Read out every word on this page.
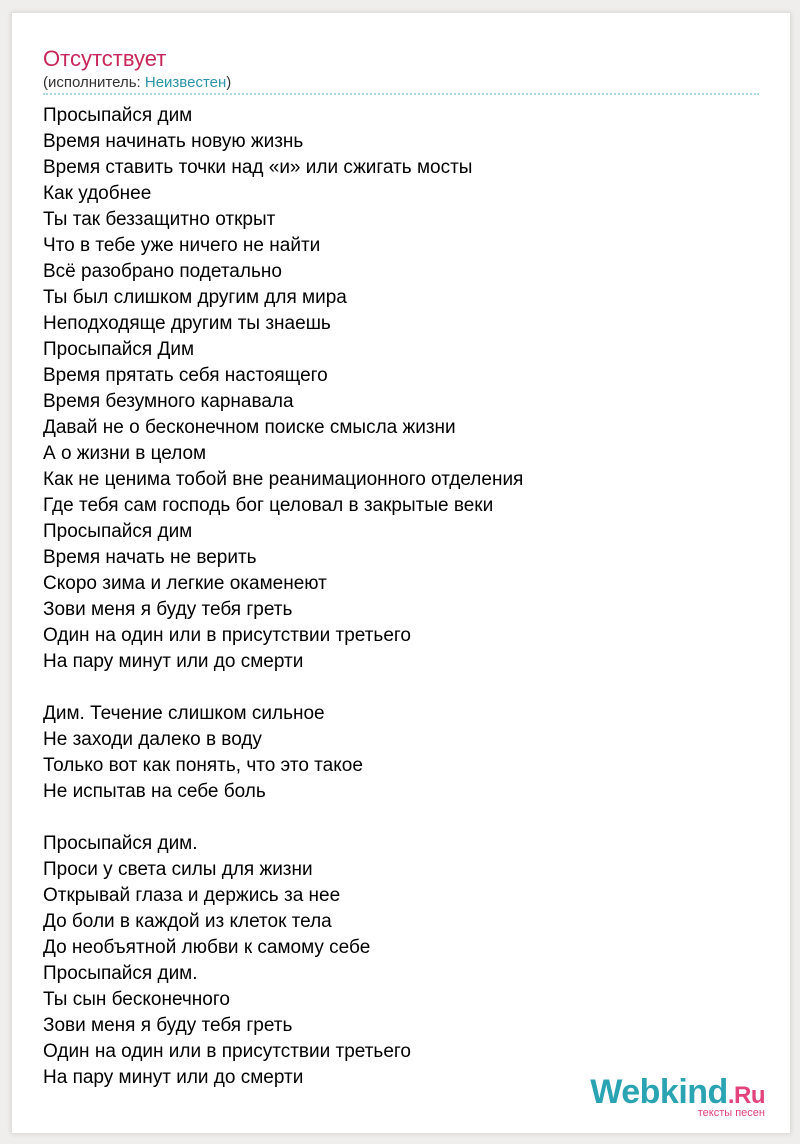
Отсутствует
(исполнитель: Неизвестен)
Просыпайся дим
Время начинать новую жизнь
Время ставить точки над «и» или сжигать мосты
Как удобнее
Ты так беззащитно открыт
Что в тебе уже ничего не найти
Всё разобрано подетально
Ты был слишком другим для мира
Неподходяще другим ты знаешь
Просыпайся Дим
Время прятать себя настоящего
Время безумного карнавала
Давай не о бесконечном поиске смысла жизни
А о жизни в целом
Как не ценима тобой вне реанимационного отделения
Где тебя сам господь бог целовал в закрытые веки
Просыпайся дим
Время начать не верить
Скоро зима и легкие окаменеют
Зови меня я буду тебя греть
Один на один или в присутствии третьего
На пару минут или до смерти
Дим. Течение слишком сильное
Не заходи далеко в воду
Только вот как понять, что это такое
Не испытав на себе боль
Просыпайся дим.
Проси у света силы для жизни
Открывай глаза и держись за нее
До боли в каждой из клеток тела
До необъятной любви к самому себе
Просыпайся дим.
Ты сын бесконечного
Зови меня я буду тебя греть
Один на один или в присутствии третьего
На пару минут или до смерти	Webkind.Ru
тексты песен
